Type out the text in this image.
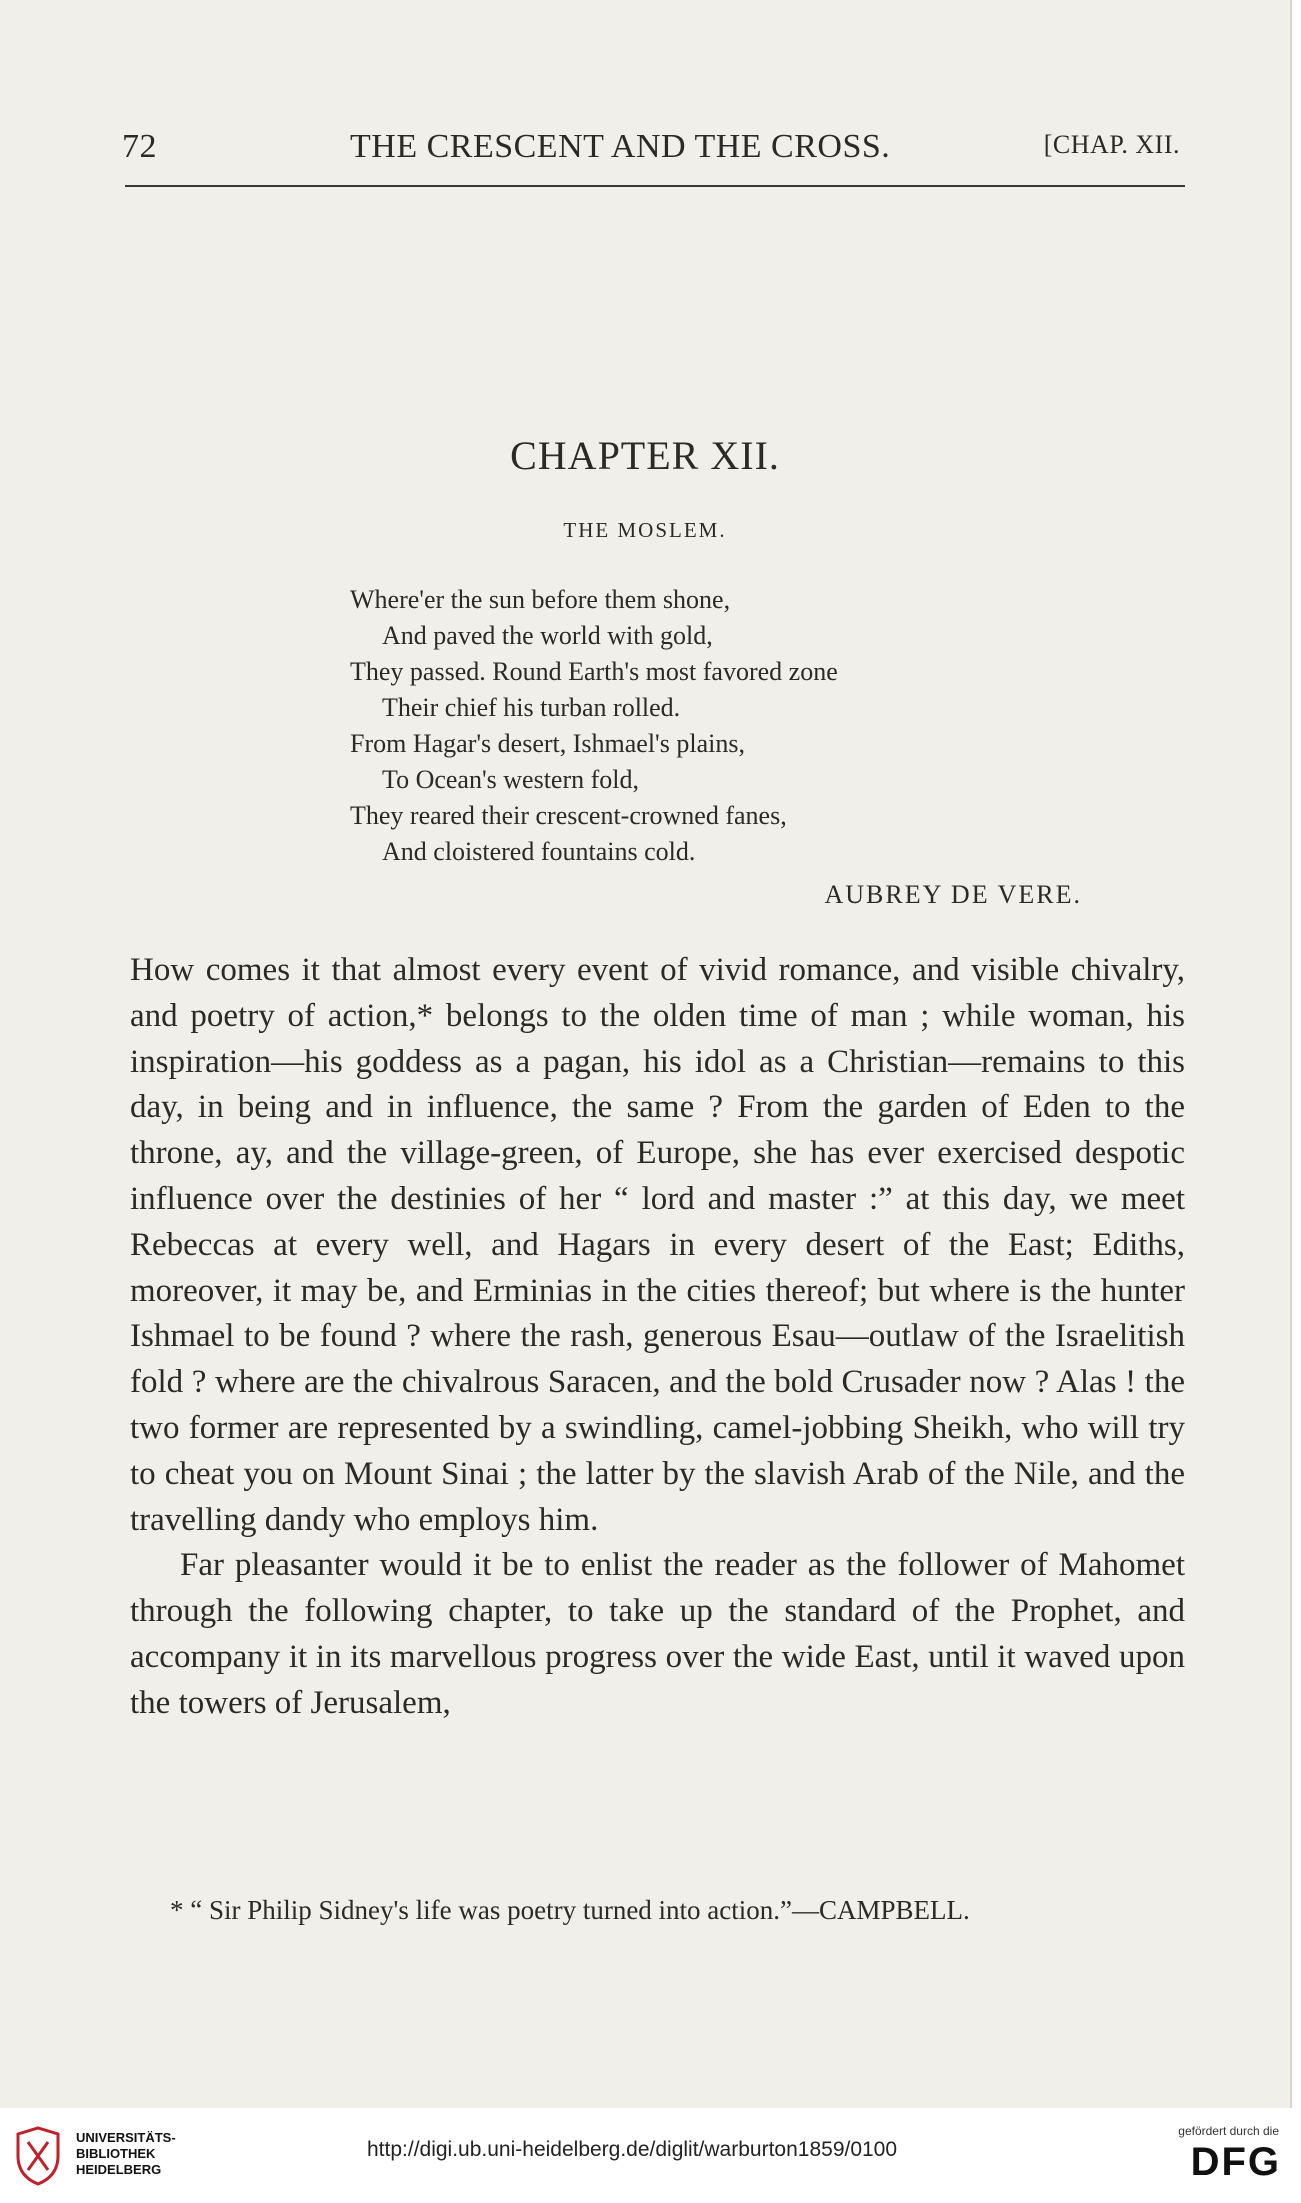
72	THE CRESCENT AND THE CROSS.	[CHAP. XII.
CHAPTER XII.
THE MOSLEM.
Where'er the sun before them shone,
And paved the world with gold,
They passed. Round Earth's most favored zone
Their chief his turban rolled.
From Hagar's desert, Ishmael's plains,
To Ocean's western fold,
They reared their crescent-crowned fanes,
And cloistered fountains cold.
AUBREY DE VERE.

How comes it that almost every event of vivid romance, and visible chivalry, and poetry of action,* belongs to the olden time of man ; while woman, his inspiration—his goddess as a pagan, his idol as a Christian—remains to this day, in being and in influence, the same ? From the garden of Eden to the throne, ay, and the village-green, of Europe, she has ever exercised despotic influence over the destinies of her “ lord and master :” at this day, we meet Rebeccas at every well, and Hagars in every desert of the East; Ediths, moreover, it may be, and Erminias in the cities thereof; but where is the hunter Ishmael to be found ? where the rash, generous Esau—outlaw of the Israelitish fold ? where are the chivalrous Saracen, and the bold Crusader now ? Alas ! the two former are represented by a swindling, camel-jobbing Sheikh, who will try to cheat you on Mount Sinai ; the latter by the slavish Arab of the Nile, and the travelling dandy who employs him.

Far pleasanter would it be to enlist the reader as the follower of Mahomet through the following chapter, to take up the standard of the Prophet, and accompany it in its marvellous progress over the wide East, until it waved upon the towers of Jerusalem,

* “ Sir Philip Sidney's life was poetry turned into action.”—CAMPBELL.
UNIVERSITÄTS-
BIBLIOTHEK
HEIDELBERG
http://digi.ub.uni-heidelberg.de/diglit/warburton1859/0100
gefördert durch die
DFG
